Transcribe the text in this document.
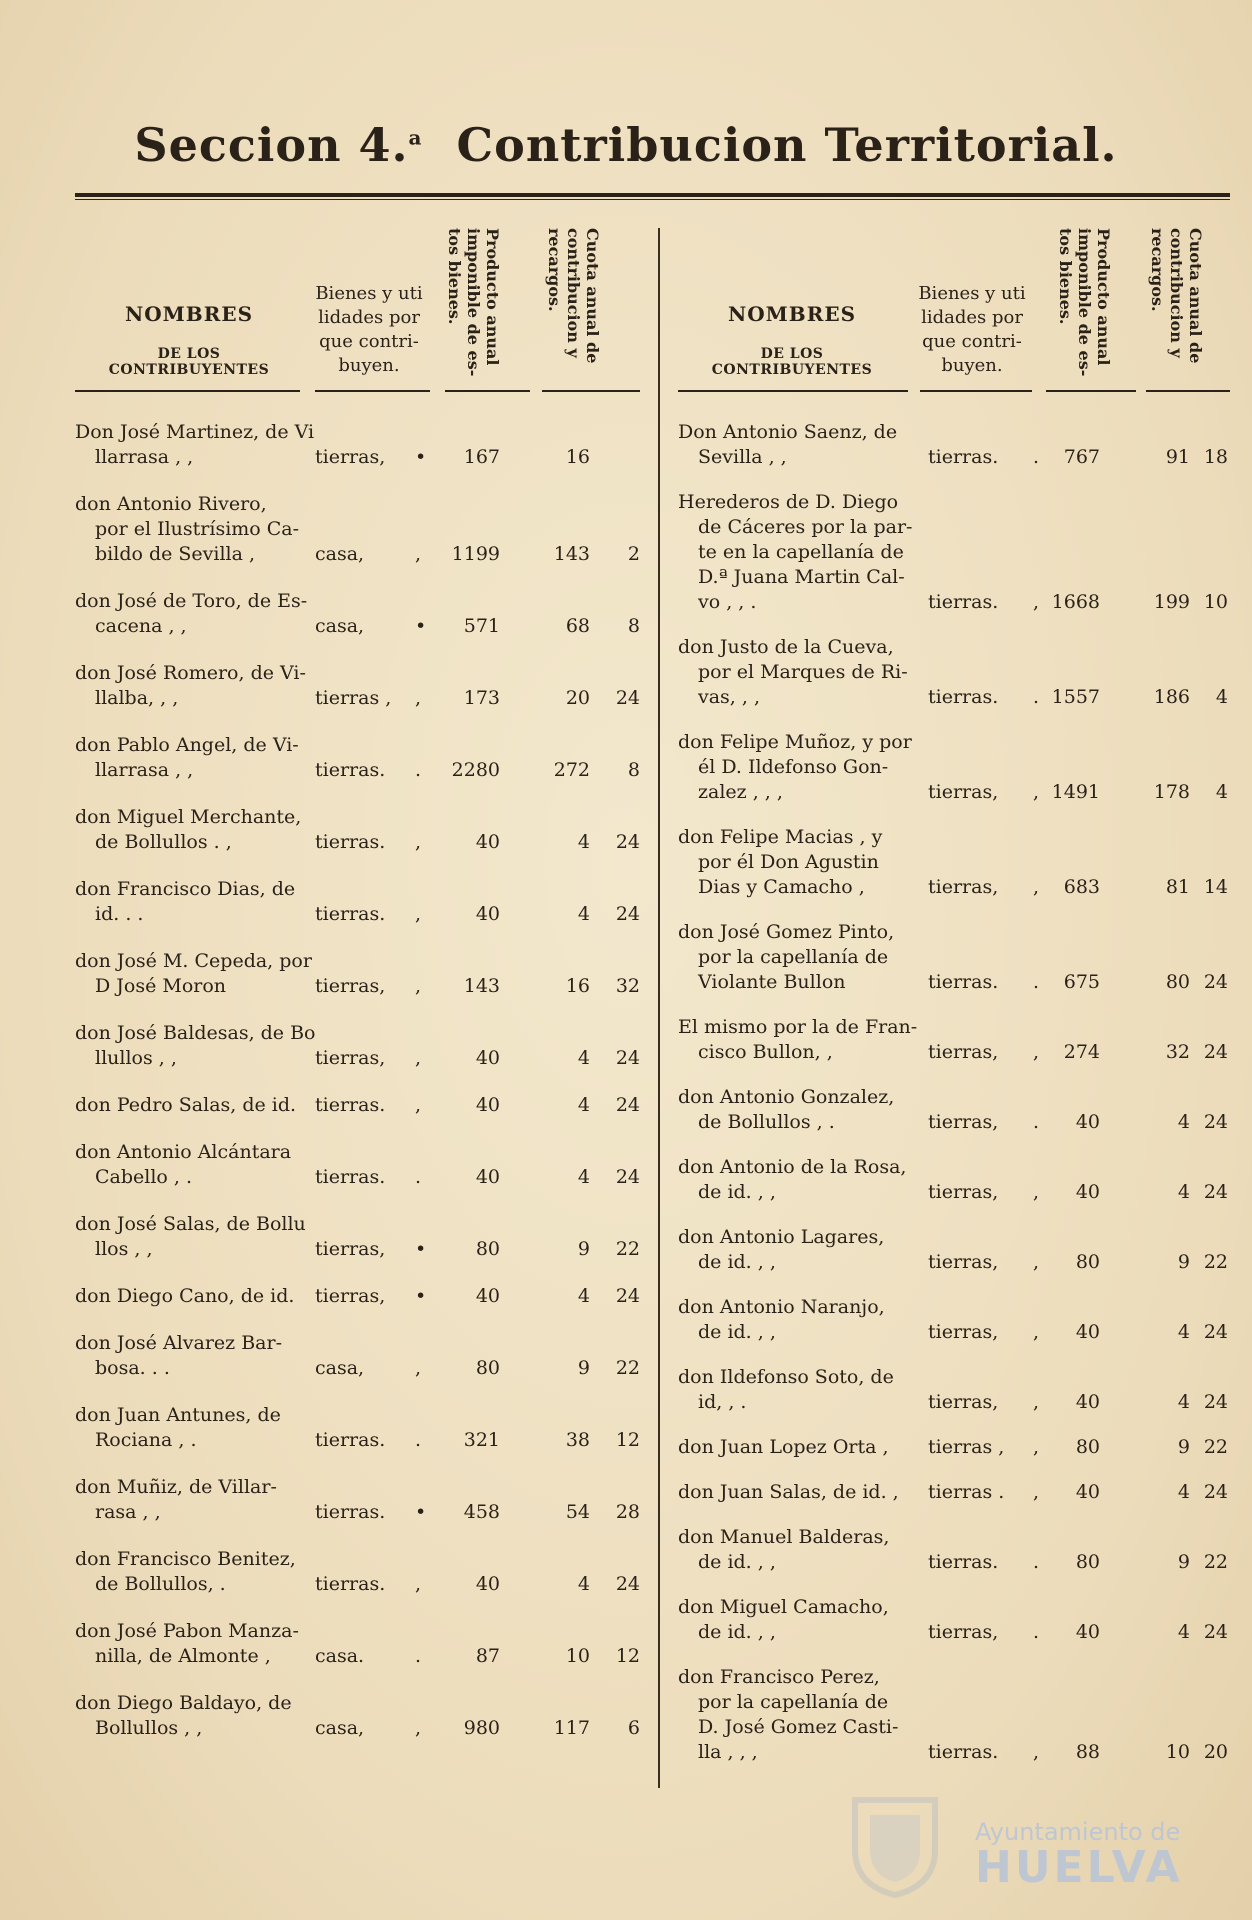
Seccion 4.$^a$ Contribucion Territorial.
NOMBRES
DE LOS CONTRIBUYENTES
Bienes y uti
lidades por
que contri-
buyen.
Producto anual imponible de es- tos bienes.	Cuota anual de contribucion y recargos.
Don José Martinez, de Vi
llarrasa , ,	tierras, • 167	16
don Antonio Rivero,
por el Ilustrísimo Ca-
bildo de Sevilla ,	casa,	, 1199	143 2
don José de Toro, de Es-
cacena , ,	casa,	• 571	68 8
don José Romero, de Vi-
llalba, , ,	tierras , , 173	20 24
don Pablo Angel, de Vi-
llarrasa , ,	tierras. . 2280	272 8
don Miguel Merchante,
de Bollullos . ,	tierras. ,	40	4 24
don Francisco Dias, de
id. . .	tierras. ,	40	4 24
don José M. Cepeda, por
D José Moron	tierras, , 143	16 32
don José Baldesas, de Bo
llullos , ,	tierras, ,	40	4 24
don Pedro Salas, de id. tierras. ,	40	4 24
don Antonio Alcántara
Cabello , .	tierras. .	40	4 24
don José Salas, de Bollu
llos , ,	tierras, •	80	9 22
don Diego Cano, de id.	tierras, •	40	4 24
don José Alvarez Bar-
bosa. . .	casa,	,	80	9 22
don Juan Antunes, de
Rociana , .	tierras. . 321	38 12
don Muñiz, de Villar-
rasa , ,	tierras. • 458	54 28
don Francisco Benitez,
de Bollullos, .	tierras. ,	40	4 24
don José Pabon Manza-
nilla, de Almonte ,	casa.	.	87	10 12
don Diego Baldayo, de
Bollullos , ,	casa,	, 980	117 6
NOMBRES
DE LOS CONTRIBUYENTES
Bienes y uti
lidades por
que contri-
buyen.
Producto anual imponible de es- tos bienes.	Cuota anual de contribucion y recargos.
Don Antonio Saenz, de
Sevilla , ,	tierras. . 767	91 18
Herederos de D. Diego
de Cáceres por la par-
te en la capellanía de
D.ª Juana Martin Cal-
vo , , .	tierras. , 1668	199 10
don Justo de la Cueva,
por el Marques de Ri-
vas, , ,	tierras. . 1557	186 4
don Felipe Muñoz, y por
él D. Ildefonso Gon-
zalez , , ,	tierras, , 1491	178 4
don Felipe Macias , y
por él Don Agustin
Dias y Camacho ,	tierras, , 683	81 14
don José Gomez Pinto,
por la capellanía de
Violante Bullon	tierras. . 675	80 24
El mismo por la de Fran-
cisco Bullon, ,	tierras, , 274	32 24
don Antonio Gonzalez,
de Bollullos , .	tierras, . 40	4 24
don Antonio de la Rosa,
de id. , ,	tierras, , 40	4 24
don Antonio Lagares,
de id. , ,	tierras, , 80	9 22
don Antonio Naranjo,
de id. , ,	tierras, , 40	4 24
don Ildefonso Soto, de
id, , .	tierras, , 40	4 24
don Juan Lopez Orta ,	tierras , , 80	9 22
don Juan Salas, de id. ,	tierras . , 40	4 24
don Manuel Balderas,
de id. , ,	tierras. . 80	9 22
don Miguel Camacho,
de id. , ,	tierras, . 40	4 24
don Francisco Perez,
por la capellanía de
D. José Gomez Casti-
lla , , ,	tierras. , 88	10 20
Ayuntamiento de
HUELVA
